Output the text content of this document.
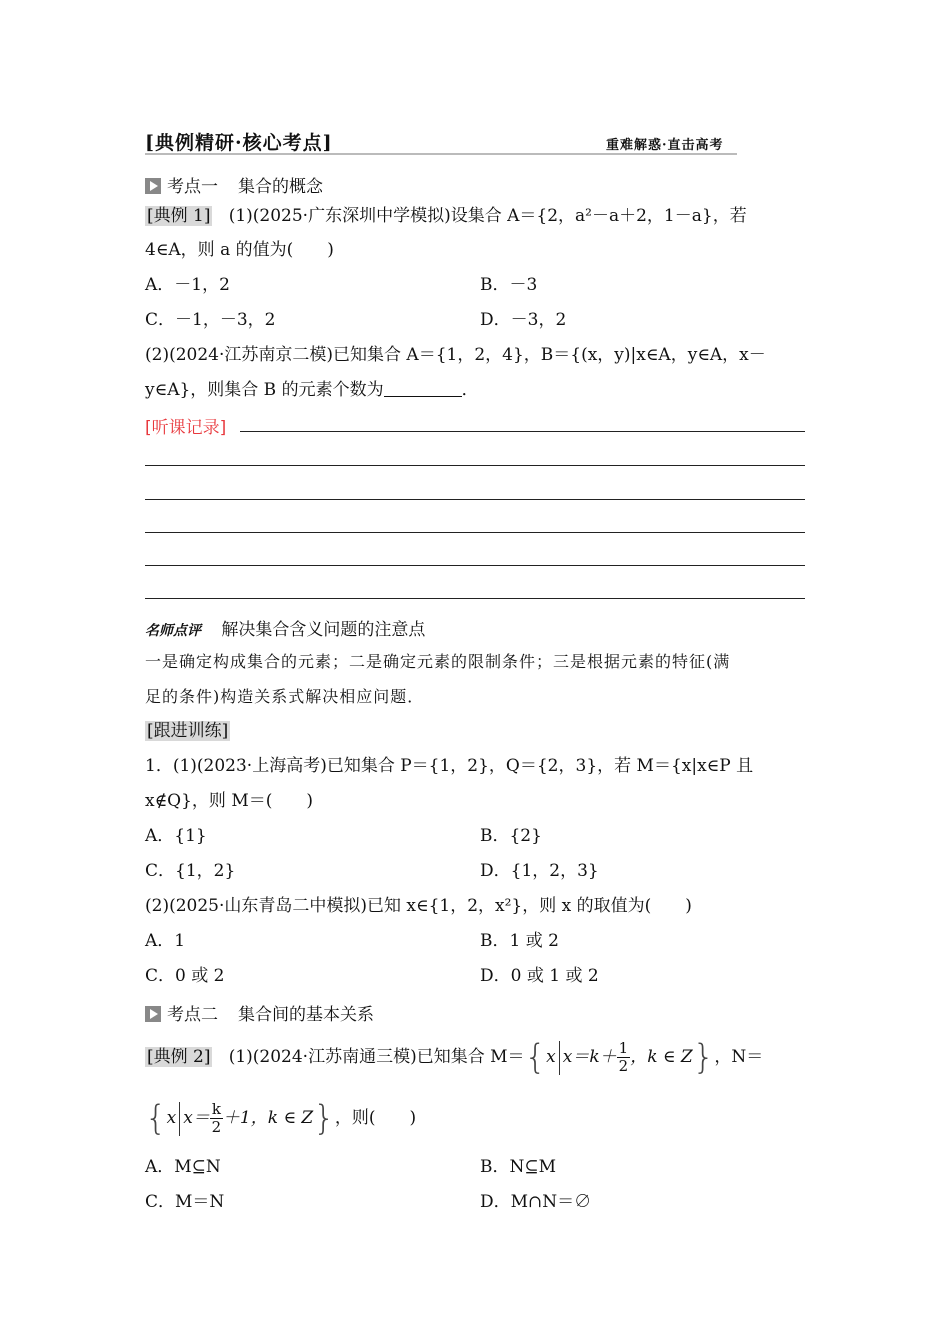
[典例精研·核心考点]	重难解惑·直击高考
考点一 集合的概念
[典例 1] (1)(2025·广东深圳中学模拟)设集合 A＝{2，a²－a＋2，1－a}，若
4∈A，则 a 的值为(　　)
A．－1，2	B．－3
C．－1，－3，2	D．－3，2
(2)(2024·江苏南京二模)已知集合 A＝{1，2，4}，B＝{(x，y)|x∈A，y∈A，x－
y∈A}，则集合 B 的元素个数为	．
[听课记录]
名师点评 解决集合含义问题的注意点
一是确定构成集合的元素；二是确定元素的限制条件；三是根据元素的特征(满
足的条件)构造关系式解决相应问题．
[跟进训练]
1．(1)(2023·上海高考)已知集合 P＝{1，2}，Q＝{2，3}，若 M＝{x|x∈P 且
x∉Q}，则 M＝(　　)
A．{1}	B．{2}
C．{1，2}	D．{1，2，3}
(2)(2025·山东青岛二中模拟)已知 x∈{1，2，x²}，则 x 的取值为(　　)
A．1	B．1 或 2
C．0 或 2	D．0 或 1 或 2
考点二 集合间的基本关系
[典例 2] (1)(2024·江苏南通三模)已知集合 M＝{x $x=k+ \frac{1}{2}$ ，k ∈ Z}，N＝
{x $x= \frac{k}{2} +1$，k ∈ Z}，则(　　)
A．M⊆N	B．N⊆M
C．M＝N	D．M∩N＝∅
